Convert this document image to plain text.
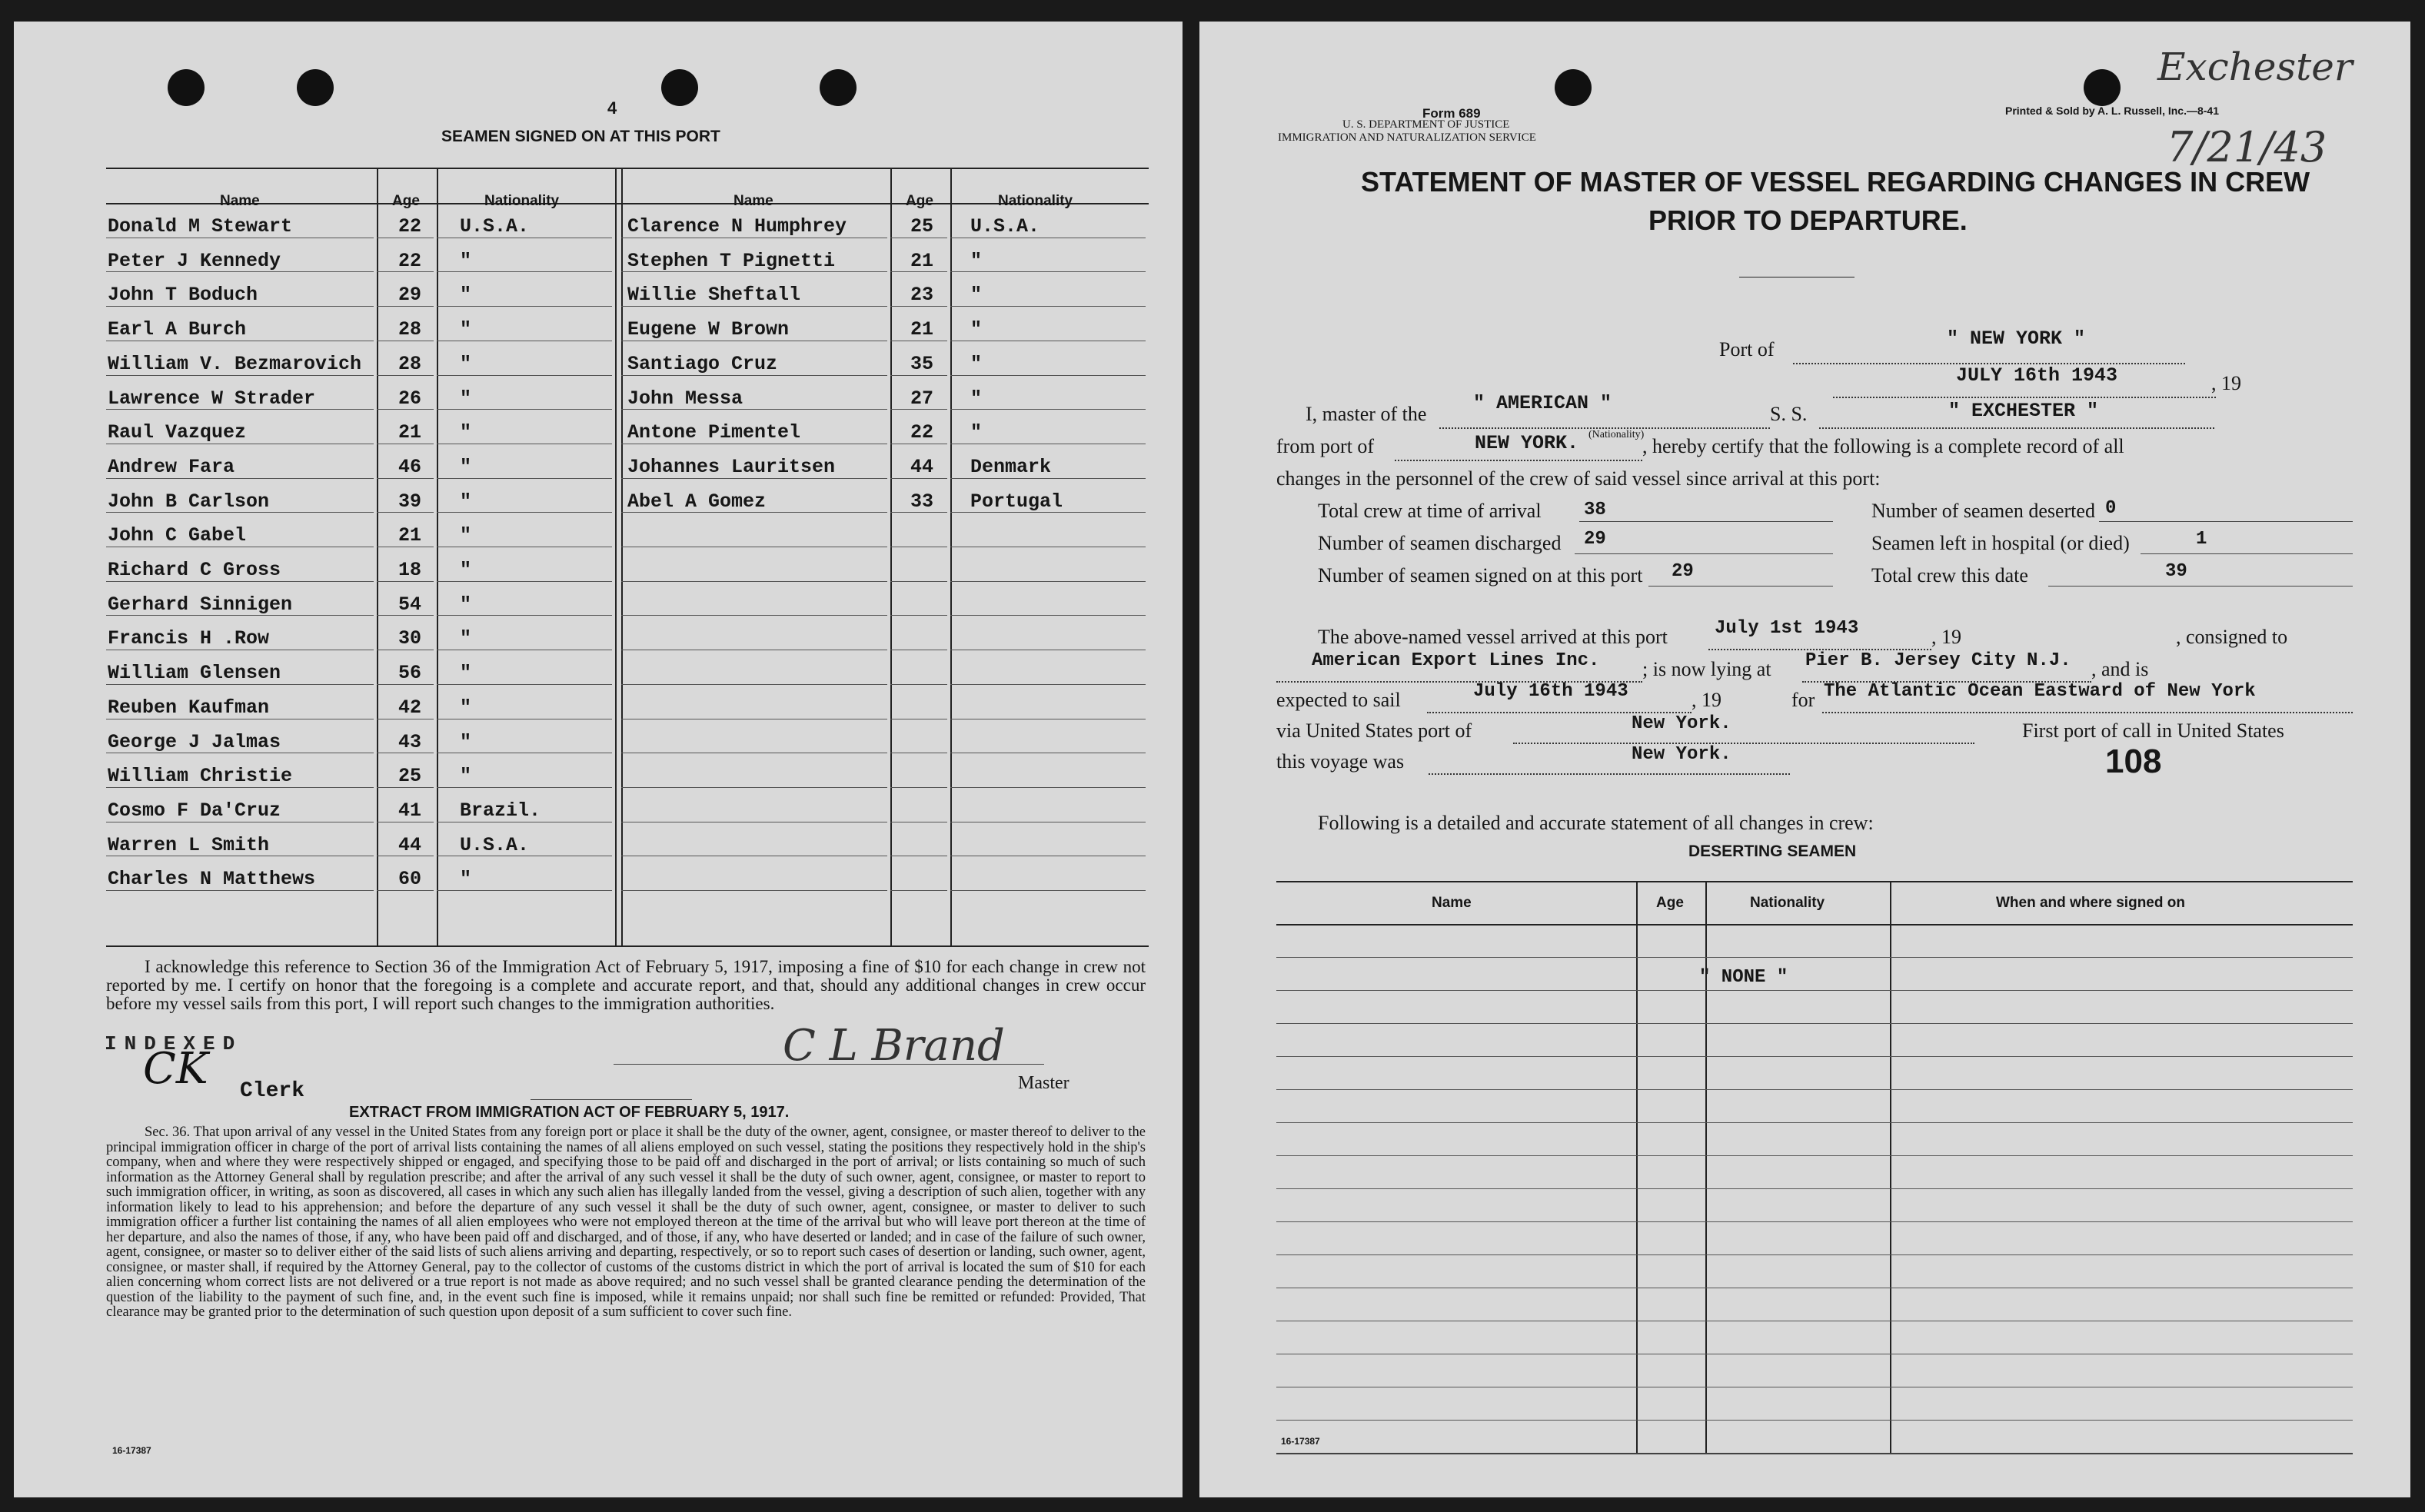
4
SEAMEN SIGNED ON AT THIS PORT
Name	Age	Nationality	Name	Age	Nationality
Donald M Stewart	22 U.S.A.
Peter J Kennedy	22 "
John T Boduch	29 "
Earl A Burch	28 "
William V. Bezmarovich 28 "
Lawrence W Strader	26 "
Raul Vazquez	21 "
Andrew Fara	46 "
John B Carlson	39 "
John C Gabel	21 "
Richard C Gross	18 "
Gerhard Sinnigen	54 "
Francis H .Row	30 "
William Glensen	56 "
Reuben Kaufman	42 "
George J Jalmas	43 "
William Christie	25 "
Cosmo F Da'Cruz	41 Brazil.
Warren L Smith	44 U.S.A.
Charles N Matthews	60 "
Clarence N Humphrey	25 U.S.A.
Stephen T Pignetti	21 "
Willie Sheftall	23 "
Eugene W Brown	21 "
Santiago Cruz	35 "
John Messa	27 "
Antone Pimentel	22 "
Johannes Lauritsen	44 Denmark
Abel A Gomez	33 Portugal
I acknowledge this reference to Section 36 of the Immigration Act of February 5, 1917, imposing a fine of $10 for each change in crew not reported by me. I certify on honor that the foregoing is a complete and accurate report, and that, should any additional changes in crew occur before my vessel sails from this port, I will report such changes to the immigration authorities.
INDEXED
CK Clerk
C L Brand
Master
EXTRACT FROM IMMIGRATION ACT OF FEBRUARY 5, 1917.
Sec. 36. That upon arrival of any vessel in the United States from any foreign port or place it shall be the duty of the owner, agent, consignee, or master thereof to deliver to the principal immigration officer in charge of the port of arrival lists containing the names of all aliens employed on such vessel, stating the positions they respectively hold in the ship's company, when and where they were respectively shipped or engaged, and specifying those to be paid off and discharged in the port of arrival; or lists containing so much of such information as the Attorney General shall by regulation prescribe; and after the arrival of any such vessel it shall be the duty of such owner, agent, consignee, or master to report to such immigration officer, in writing, as soon as discovered, all cases in which any such alien has illegally landed from the vessel, giving a description of such alien, together with any information likely to lead to his apprehension; and before the departure of any such vessel it shall be the duty of such owner, agent, consignee, or master to deliver to such immigration officer a further list containing the names of all alien employees who were not employed thereon at the time of the arrival but who will leave port thereon at the time of her departure, and also the names of those, if any, who have been paid off and discharged, and of those, if any, who have deserted or landed; and in case of the failure of such owner, agent, consignee, or master so to deliver either of the said lists of such aliens arriving and departing, respectively, or so to report such cases of desertion or landing, such owner, agent, consignee, or master shall, if required by the Attorney General, pay to the collector of customs of the customs district in which the port of arrival is located the sum of $10 for each alien concerning whom correct lists are not delivered or a true report is not made as above required; and no such vessel shall be granted clearance pending the determination of the question of the liability to the payment of such fine, and, in the event such fine is imposed, while it remains unpaid; nor shall such fine be remitted or refunded: Provided, That clearance may be granted prior to the determination of such question upon deposit of a sum sufficient to cover such fine.
16-17387
Form 689
U. S. DEPARTMENT OF JUSTICE
IMMIGRATION AND NATURALIZATION SERVICE
Printed & Sold by A. L. Russell, Inc.—8-41
Exchester
7/21/43
STATEMENT OF MASTER OF VESSEL REGARDING CHANGES IN CREW
PRIOR TO DEPARTURE.
Port of	" NEW YORK "
JULY 16th 1943	, 19
I, master of the " AMERICAN "	S. S.	" EXCHESTER "
from port of	NEW YORK. (Nationality)
, hereby certify that the following is a complete record of all
changes in the personnel of the crew of said vessel since arrival at this port:
Total crew at time of arrival 38	Number of seamen deserted 0
Number of seamen discharged 29	Seamen left in hospital (or died)	1
Number of seamen signed on at this port 29	Total crew this date	39
The above-named vessel arrived at this port	July 1st 1943	, 19	, consigned to
American Export Lines Inc. ; is now lying at Pier B. Jersey City N.J. , and is
expected to sail	July 16th 1943	, 19	for The Atlantic Ocean Eastward of New York
via United States port of	New York.	First port of call in United States
this voyage was	New York.	108
Following is a detailed and accurate statement of all changes in crew:
DESERTING SEAMEN
Name	Age	Nationality	When and where signed on
" NONE "
16-17387
